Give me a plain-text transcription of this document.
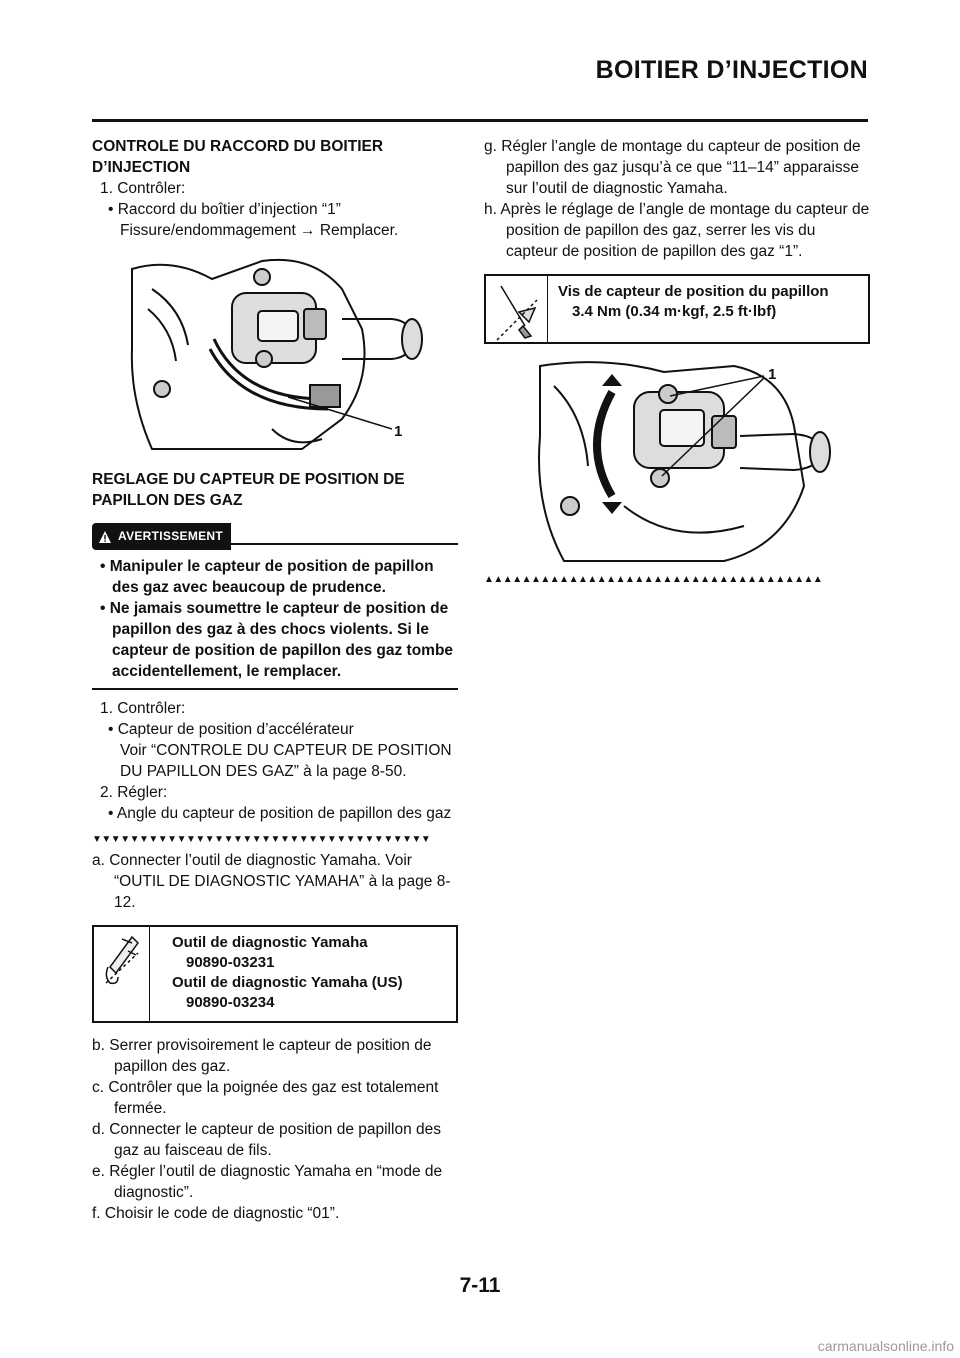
BOITIER D’INJECTION

CONTROLE DU RACCORD DU BOITIER D’INJECTION

1. Contrôler:

• Raccord du boîtier d’injection “1”

Fissure/endommagement → Remplacer.

1

REGLAGE DU CAPTEUR DE POSITION DE PAPILLON DES GAZ

AVERTISSEMENT

• Manipuler le capteur de position de papillon des gaz avec beaucoup de prudence.

• Ne jamais soumettre le capteur de position de papillon des gaz à des chocs violents. Si le capteur de position de papillon des gaz tombe accidentellement, le remplacer.

1. Contrôler:

• Capteur de position d’accélérateur

Voir “CONTROLE DU CAPTEUR DE POSITION DU PAPILLON DES GAZ” à la page 8-50.

2. Régler:

• Angle du capteur de position de papillon des gaz

▼▼▼▼▼▼▼▼▼▼▼▼▼▼▼▼▼▼▼▼▼▼▼▼▼▼▼▼▼▼▼▼▼▼▼▼

a. Connecter l’outil de diagnostic Yamaha. Voir “OUTIL DE DIAGNOSTIC YAMAHA” à la page 8-12.

Outil de diagnostic Yamaha

90890-03231

Outil de diagnostic Yamaha (US)

90890-03234

b. Serrer provisoirement le capteur de position de papillon des gaz.

c. Contrôler que la poignée des gaz est totalement fermée.

d. Connecter le capteur de position de papillon des gaz au faisceau de fils.

e. Régler l’outil de diagnostic Yamaha en “mode de diagnostic”.

f. Choisir le code de diagnostic “01”.

g. Régler l’angle de montage du capteur de position de papillon des gaz jusqu’à ce que “11–14” apparaisse sur l’outil de diagnostic Yamaha.

h. Après le réglage de l’angle de montage du capteur de position de papillon des gaz, serrer les vis du capteur de position de papillon des gaz “1”.

Vis de capteur de position du papillon

3.4 Nm (0.34 m·kgf, 2.5 ft·lbf)

1
▲▲▲▲▲▲▲▲▲▲▲▲▲▲▲▲▲▲▲▲▲▲▲▲▲▲▲▲▲▲▲▲▲▲▲▲
7-11
carmanualsonline.info
